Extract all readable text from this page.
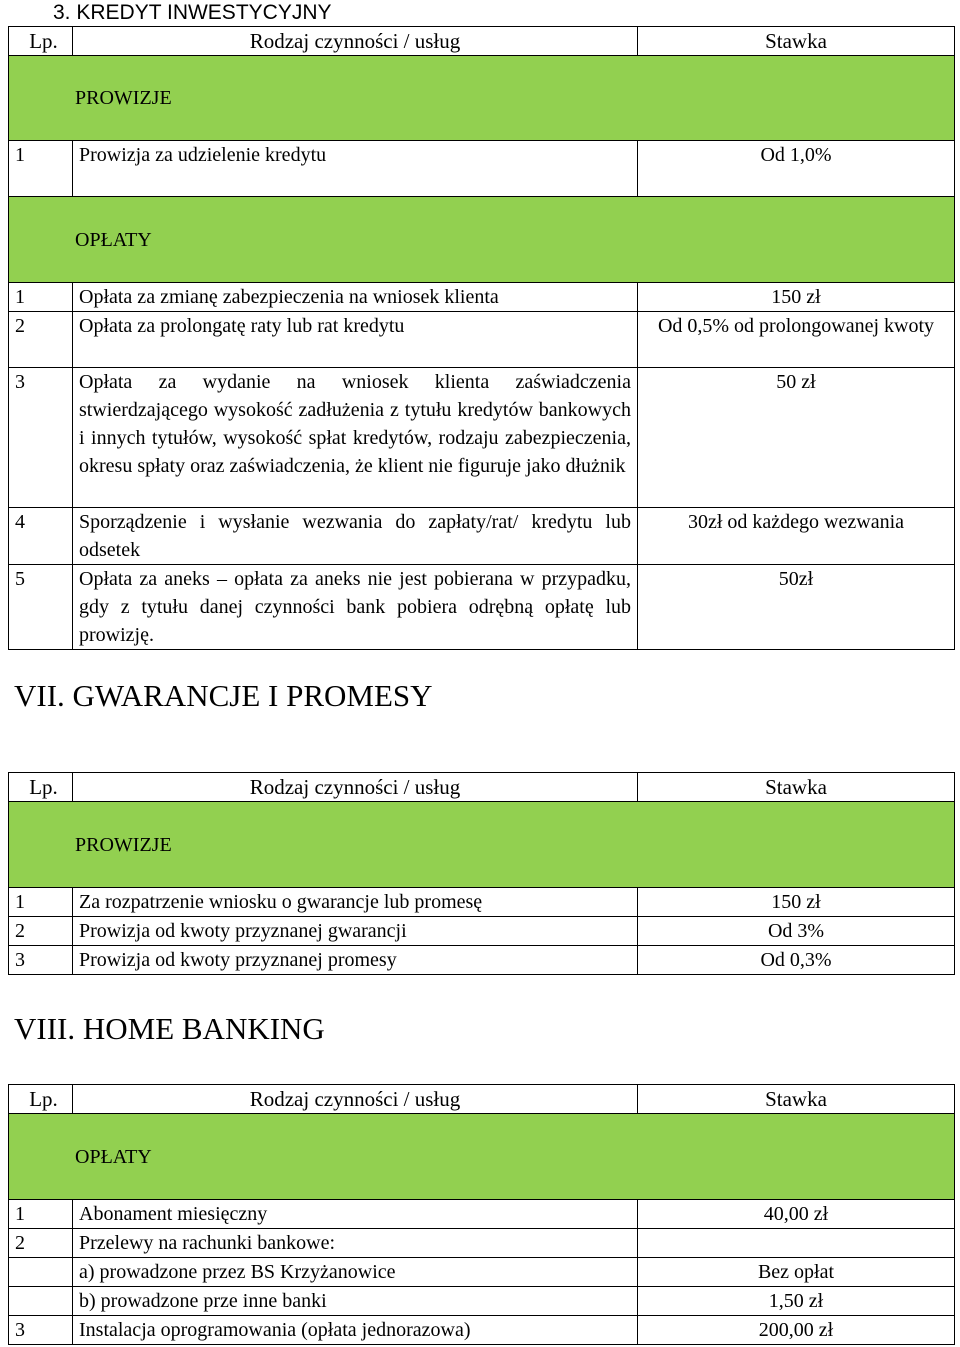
3. KREDYT INWESTYCYJNY
Lp.	Rodzaj czynności / usług	Stawka
PROWIZJE		
1	Prowizja za udzielenie kredytu	Od 1,0%
OPŁATY		
1	Opłata za zmianę zabezpieczenia na wniosek klienta	150 zł
2	Opłata za prolongatę raty lub rat kredytu	Od 0,5% od prolongowanej kwoty
3	Opłata za wydanie na wniosek klienta zaświadczenia stwierdzającego wysokość zadłużenia z tytułu kredytów bankowych i innych tytułów, wysokość spłat kredytów, rodzaju zabezpieczenia, okresu spłaty oraz zaświadczenia, że klient nie figuruje jako dłużnik	50 zł
4	Sporządzenie i wysłanie wezwania do zapłaty/rat/ kredytu lub odsetek	30zł od każdego wezwania
5	Opłata za aneks – opłata za aneks nie jest pobierana w przypadku, gdy z tytułu danej czynności bank pobiera odrębną opłatę lub prowizję.	50zł
VII. GWARANCJE I PROMESY
Lp.	Rodzaj czynności / usług	Stawka
PROWIZJE		
1	Za rozpatrzenie wniosku o gwarancje lub promesę	150 zł
2	Prowizja od kwoty przyznanej gwarancji	Od 3%
3	Prowizja od kwoty przyznanej promesy	Od 0,3%
VIII. HOME BANKING
Lp.	Rodzaj czynności / usług	Stawka
OPŁATY		
1	Abonament miesięczny	40,00 zł
2	Przelewy na rachunki bankowe:	
	a) prowadzone przez BS Krzyżanowice	Bez opłat
	b) prowadzone prze inne banki	1,50 zł
3	Instalacja oprogramowania (opłata jednorazowa)	200,00 zł
